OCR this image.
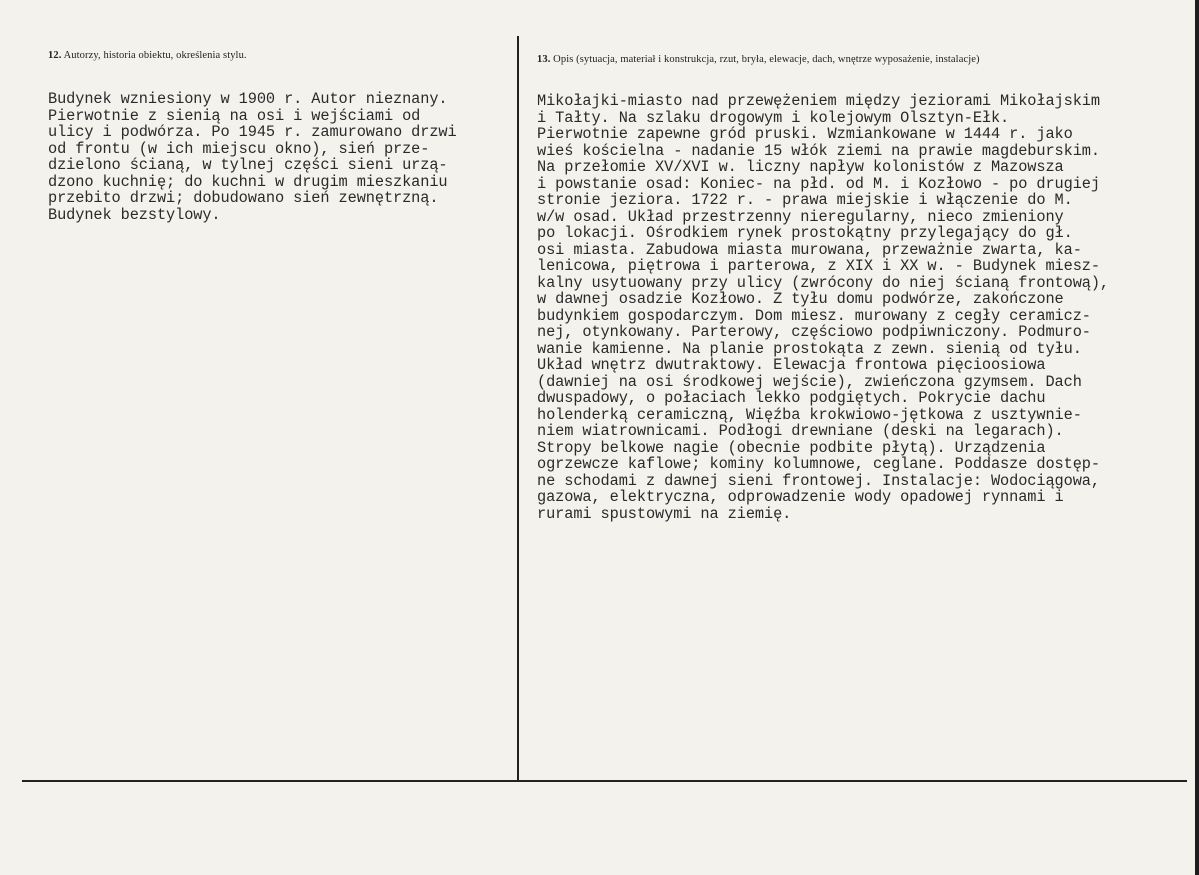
12. Autorzy, historia obiektu, określenia stylu.
Budynek wzniesiony w 1900 r. Autor nieznany.
Pierwotnie z sienią na osi i wejściami od
ulicy i podwórza. Po 1945 r. zamurowano drzwi
od frontu (w ich miejscu okno), sień prze-
dzielono ścianą, w tylnej części sieni urzą-
dzono kuchnię; do kuchni w drugim mieszkaniu
przebito drzwi; dobudowano sień zewnętrzną.
Budynek bezstylowy.
13. Opis (sytuacja, materiał i konstrukcja, rzut, bryła, elewacje, dach, wnętrze wyposażenie, instalacje)
Mikołajki-miasto nad przewężeniem między jeziorami Mikołajskim
i Tałty. Na szlaku drogowym i kolejowym Olsztyn-Ełk.
Pierwotnie zapewne gród pruski. Wzmiankowane w 1444 r. jako
wieś kościelna - nadanie 15 włók ziemi na prawie magdeburskim.
Na przełomie XV/XVI w. liczny napływ kolonistów z Mazowsza
i powstanie osad: Koniec- na płd. od M. i Kozłowo - po drugiej
stronie jeziora. 1722 r. - prawa miejskie i włączenie do M.
w/w osad. Układ przestrzenny nieregularny, nieco zmieniony
po lokacji. Ośrodkiem rynek prostokątny przylegający do gł.
osi miasta. Zabudowa miasta murowana, przeważnie zwarta, ka-
lenicowa, piętrowa i parterowa, z XIX i XX w. - Budynek miesz-
kalny usytuowany przy ulicy (zwrócony do niej ścianą frontową),
w dawnej osadzie Kozłowo. Z tyłu domu podwórze, zakończone
budynkiem gospodarczym. Dom miesz. murowany z cegły ceramicz-
nej, otynkowany. Parterowy, częściowo podpiwniczony. Podmuro-
wanie kamienne. Na planie prostokąta z zewn. sienią od tyłu.
Układ wnętrz dwutraktowy. Elewacja frontowa pięcioosiowa
(dawniej na osi środkowej wejście), zwieńczona gzymsem. Dach
dwuspadowy, o połaciach lekko podgiętych. Pokrycie dachu
holenderką ceramiczną, Więźba krokwiowo-jętkowa z usztywnie-
niem wiatrownicami. Podłogi drewniane (deski na legarach).
Stropy belkowe nagie (obecnie podbite płytą). Urządzenia
ogrzewcze kaflowe; kominy kolumnowe, ceglane. Poddasze dostęp-
ne schodami z dawnej sieni frontowej. Instalacje: Wodociągowa,
gazowa, elektryczna, odprowadzenie wody opadowej rynnami i
rurami spustowymi na ziemię.
